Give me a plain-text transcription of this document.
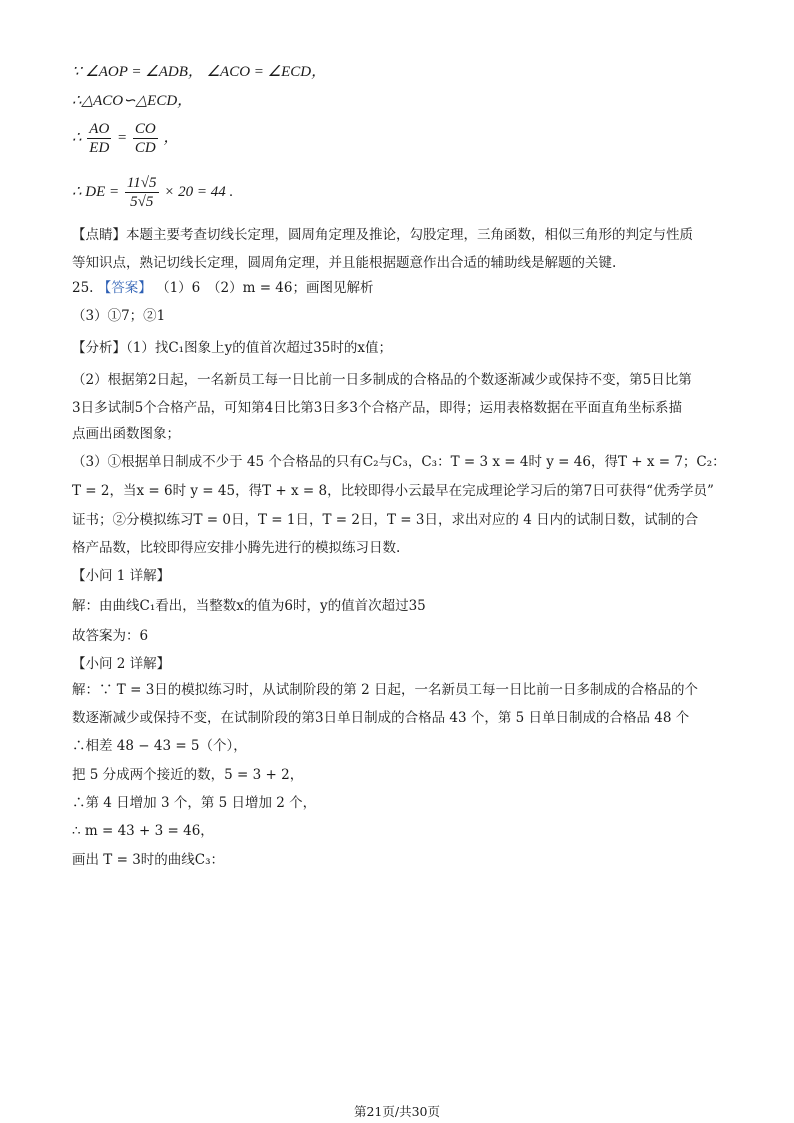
∵ ∠AOP = ∠ADB， ∠ACO = ∠ECD，
∴△ACO∽△ECD，
∴ $\frac{AO}{ED} = \frac{CO}{CD}$ ，
∴ DE = $\frac{11√5}{5√5} \times 20 = 44$ .
【点睛】本题主要考查切线长定理，圆周角定理及推论，勾股定理，三角函数，相似三角形的判定与性质
等知识点，熟记切线长定理，圆周角定理，并且能根据题意作出合适的辅助线是解题的关键.
25. 【答案】 （1）6　（2）m = 46；画图见解析
（3）①7；②1
【分析】（1）找C₁图象上y的值首次超过35时的x值；
（2）根据第2日起，一名新员工每一日比前一日多制成的合格品的个数逐渐减少或保持不变，第5日比第
3日多试制5个合格产品，可知第4日比第3日多3个合格产品，即得；运用表格数据在平面直角坐标系描
点画出函数图象；
（3）①根据单日制成不少于 45 个合格品的只有C₂与C₃，C₃：T = 3 x = 4时 y = 46，得T + x = 7；C₂：
T = 2，当x = 6时 y = 45，得T + x = 8，比较即得小云最早在完成理论学习后的第7日可获得“优秀学员”
证书；②分模拟练习T = 0日，T = 1日，T = 2日，T = 3日，求出对应的 4 日内的试制日数，试制的合
格产品数，比较即得应安排小腾先进行的模拟练习日数.
【小问 1 详解】
解：由曲线C₁看出，当整数x的值为6时，y的值首次超过35
故答案为：6
【小问 2 详解】
解：∵ T = 3日的模拟练习时，从试制阶段的第 2 日起，一名新员工每一日比前一日多制成的合格品的个
数逐渐减少或保持不变，在试制阶段的第3日单日制成的合格品 43 个，第 5 日单日制成的合格品 48 个
∴相差 48 − 43 = 5（个），
把 5 分成两个接近的数，5 = 3 + 2，
∴第 4 日增加 3 个，第 5 日增加 2 个，
∴ m = 43 + 3 = 46，
画出 T = 3时的曲线C₃：
第21页/共30页
